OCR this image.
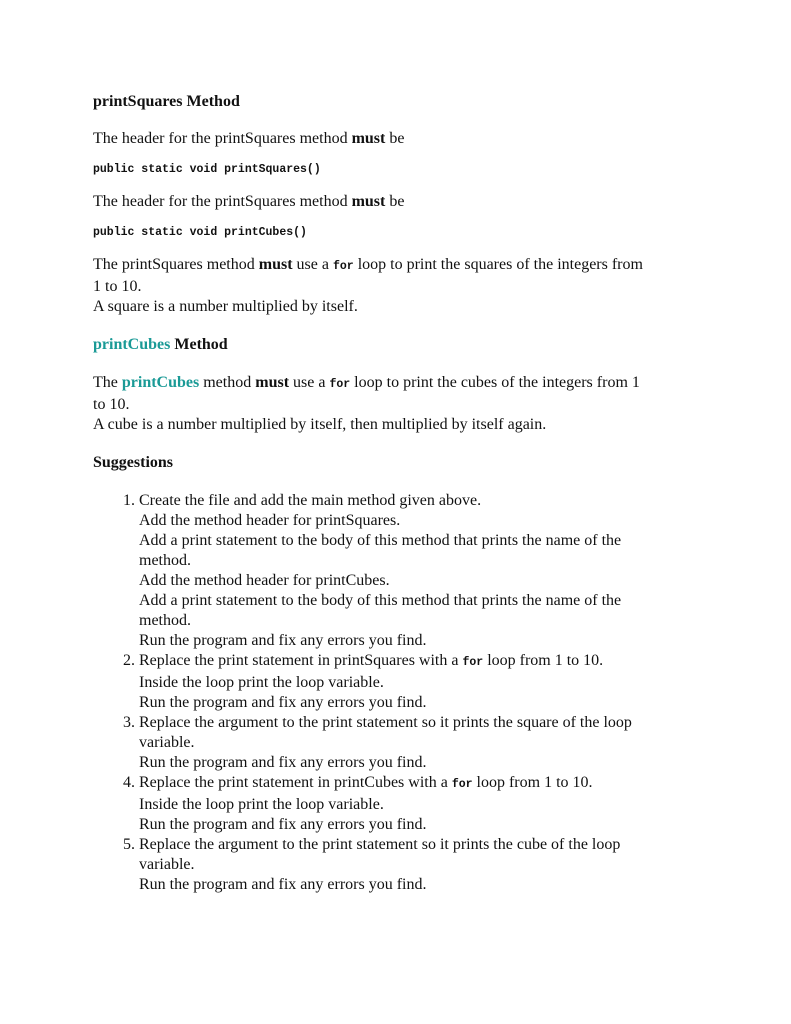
printSquares Method

The header for the printSquares method must be

public static void printSquares()

The header for the printSquares method must be

public static void printCubes()

The printSquares method must use a for loop to print the squares of the integers from
1 to 10.
A square is a number multiplied by itself.

printCubes Method

The printCubes method must use a for loop to print the cubes of the integers from 1
to 10.
A cube is a number multiplied by itself, then multiplied by itself again.

Suggestions

1. Create the file and add the main method given above.
Add the method header for printSquares.
Add a print statement to the body of this method that prints the name of the
method.
Add the method header for printCubes.
Add a print statement to the body of this method that prints the name of the
method.
Run the program and fix any errors you find.
2. Replace the print statement in printSquares with a for loop from 1 to 10.
Inside the loop print the loop variable.
Run the program and fix any errors you find.
3. Replace the argument to the print statement so it prints the square of the loop
variable.
Run the program and fix any errors you find.
4. Replace the print statement in printCubes with a for loop from 1 to 10.
Inside the loop print the loop variable.
Run the program and fix any errors you find.
5. Replace the argument to the print statement so it prints the cube of the loop
variable.
Run the program and fix any errors you find.
